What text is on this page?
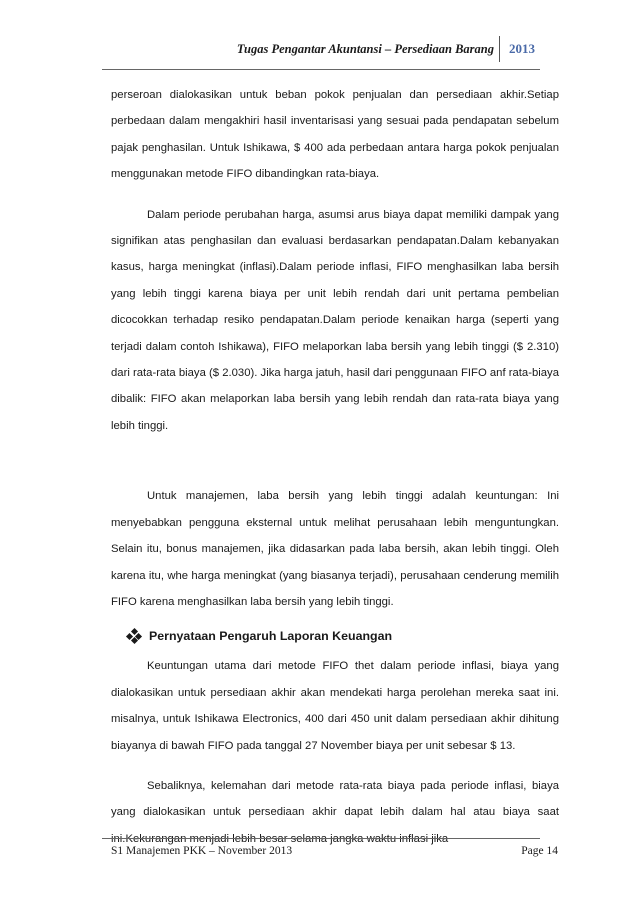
Tugas Pengantar Akuntansi – Persediaan Barang 2013

perseroan dialokasikan untuk beban pokok penjualan dan persediaan akhir.Setiap perbedaan dalam mengakhiri hasil inventarisasi yang sesuai pada pendapatan sebelum pajak penghasilan. Untuk Ishikawa, $ 400 ada perbedaan antara harga pokok penjualan menggunakan metode FIFO dibandingkan rata-biaya.

Dalam periode perubahan harga, asumsi arus biaya dapat memiliki dampak yang signifikan atas penghasilan dan evaluasi berdasarkan pendapatan.Dalam kebanyakan kasus, harga meningkat (inflasi).Dalam periode inflasi, FIFO menghasilkan laba bersih yang lebih tinggi karena biaya per unit lebih rendah dari unit pertama pembelian dicocokkan terhadap resiko pendapatan.Dalam periode kenaikan harga (seperti yang terjadi dalam contoh Ishikawa), FIFO melaporkan laba bersih yang lebih tinggi ($ 2.310) dari rata-rata biaya ($ 2.030). Jika harga jatuh, hasil dari penggunaan FIFO anf rata-biaya dibalik: FIFO akan melaporkan laba bersih yang lebih rendah dan rata-rata biaya yang lebih tinggi.

Untuk manajemen, laba bersih yang lebih tinggi adalah keuntungan: Ini menyebabkan pengguna eksternal untuk melihat perusahaan lebih menguntungkan. Selain itu, bonus manajemen, jika didasarkan pada laba bersih, akan lebih tinggi. Oleh karena itu, whe harga meningkat (yang biasanya terjadi), perusahaan cenderung memilih FIFO karena menghasilkan laba bersih yang lebih tinggi.

Pernyataan Pengaruh Laporan Keuangan

Keuntungan utama dari metode FIFO thet dalam periode inflasi, biaya yang dialokasikan untuk persediaan akhir akan mendekati harga perolehan mereka saat ini. misalnya, untuk Ishikawa Electronics, 400 dari 450 unit dalam persediaan akhir dihitung biayanya di bawah FIFO pada tanggal 27 November biaya per unit sebesar $ 13.

Sebaliknya, kelemahan dari metode rata-rata biaya pada periode inflasi, biaya yang dialokasikan untuk persediaan akhir dapat lebih dalam hal atau biaya saat

S1 Manajemen PKK – November 2013	Page 14
